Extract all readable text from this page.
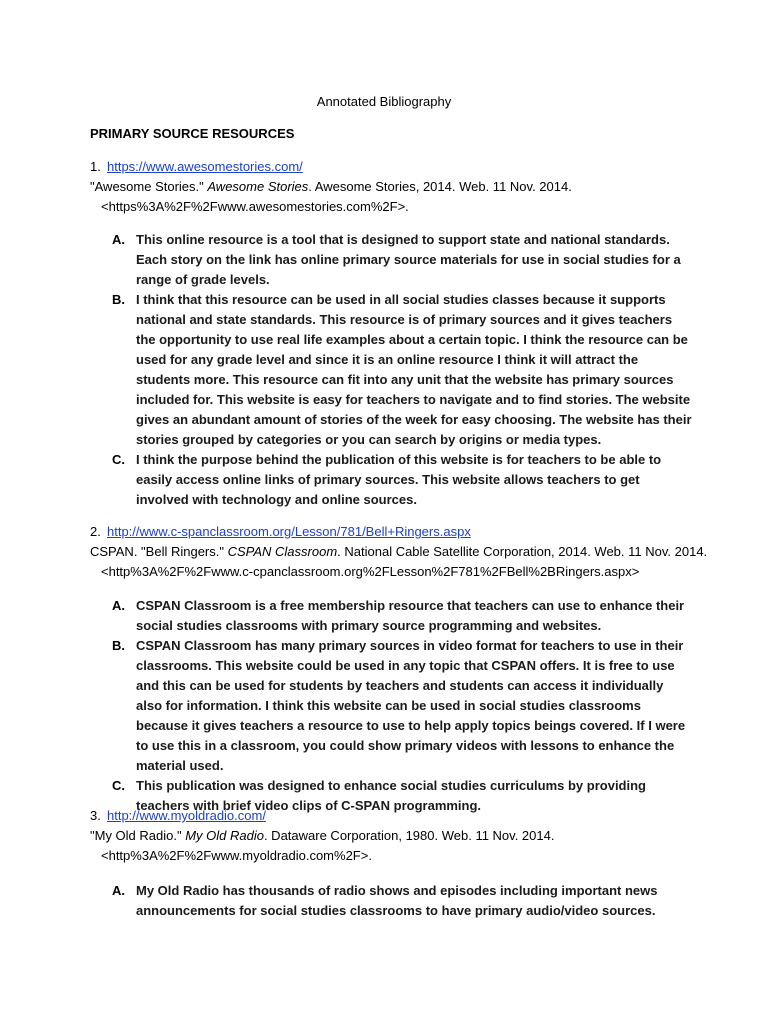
Annotated Bibliography
PRIMARY SOURCE RESOURCES
1. https://www.awesomestories.com/
"Awesome Stories." Awesome Stories. Awesome Stories, 2014. Web. 11 Nov. 2014.
<https%3A%2F%2Fwww.awesomestories.com%2F>.
A. This online resource is a tool that is designed to support state and national standards. Each story on the link has online primary source materials for use in social studies for a range of grade levels.
B. I think that this resource can be used in all social studies classes because it supports national and state standards. This resource is of primary sources and it gives teachers the opportunity to use real life examples about a certain topic. I think the resource can be used for any grade level and since it is an online resource I think it will attract the students more. This resource can fit into any unit that the website has primary sources included for. This website is easy for teachers to navigate and to find stories. The website gives an abundant amount of stories of the week for easy choosing. The website has their stories grouped by categories or you can search by origins or media types.
C. I think the purpose behind the publication of this website is for teachers to be able to easily access online links of primary sources. This website allows teachers to get involved with technology and online sources.
2. http://www.c-spanclassroom.org/Lesson/781/Bell+Ringers.aspx
CSPAN. "Bell Ringers." CSPAN Classroom. National Cable Satellite Corporation, 2014. Web. 11 Nov. 2014.
<http%3A%2F%2Fwww.c-cpanclassroom.org%2FLesson%2F781%2FBell%2BRingers.aspx>
A. CSPAN Classroom is a free membership resource that teachers can use to enhance their social studies classrooms with primary source programming and websites.
B. CSPAN Classroom has many primary sources in video format for teachers to use in their classrooms. This website could be used in any topic that CSPAN offers. It is free to use and this can be used for students by teachers and students can access it individually also for information. I think this website can be used in social studies classrooms because it gives teachers a resource to use to help apply topics beings covered. If I were to use this in a classroom, you could show primary videos with lessons to enhance the material used.
C. This publication was designed to enhance social studies curriculums by providing teachers with brief video clips of C-SPAN programming.
3. http://www.myoldradio.com/
"My Old Radio." My Old Radio. Dataware Corporation, 1980. Web. 11 Nov. 2014.
<http%3A%2F%2Fwww.myoldradio.com%2F>.
A. My Old Radio has thousands of radio shows and episodes including important news announcements for social studies classrooms to have primary audio/video sources.
